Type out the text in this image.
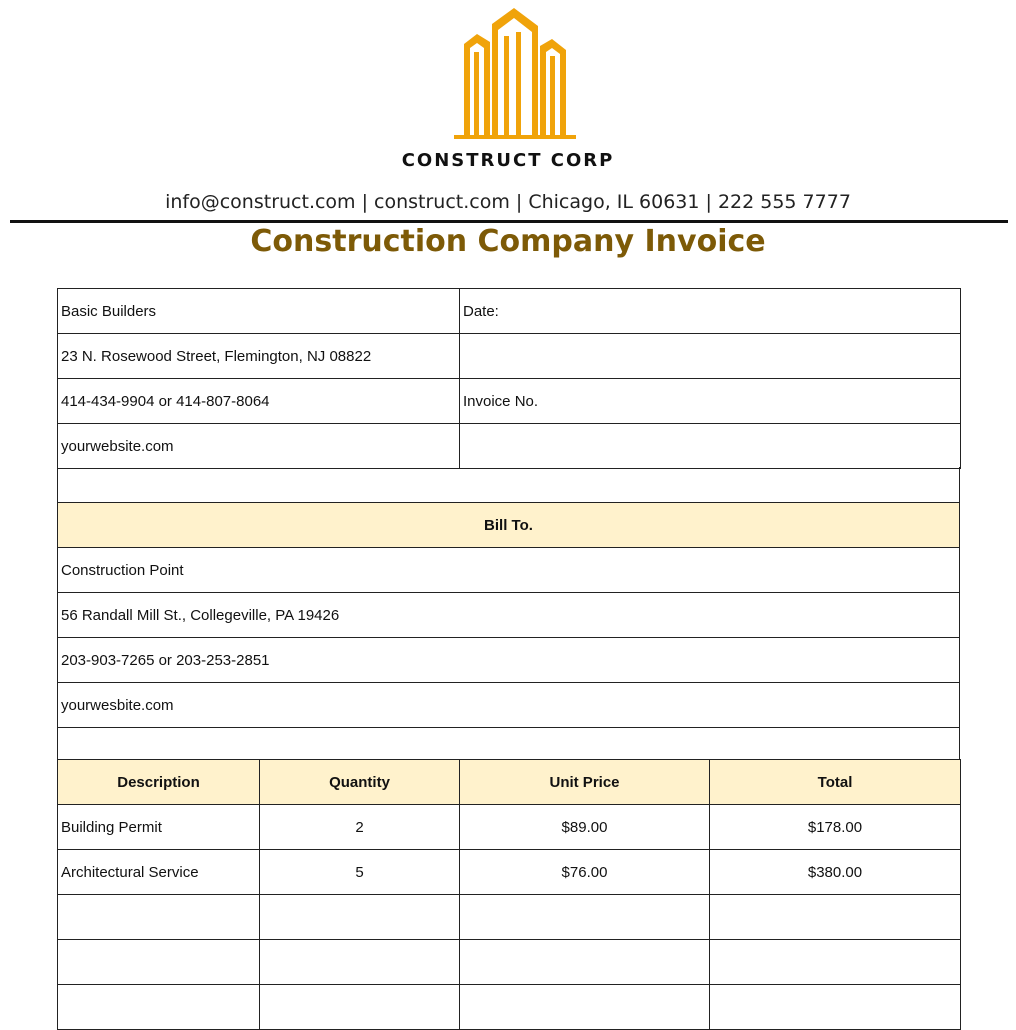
CONSTRUCT CORP
info@construct.com | construct.com | Chicago, IL 60631 | 222 555 7777
Construction Company Invoice
Basic Builders	Date:
23 N. Rosewood Street, Flemington, NJ 08822	
414-434-9904 or 414-807-8064	Invoice No.
yourwebsite.com	
Bill To.
Construction Point
56 Randall Mill St., Collegeville, PA 19426
203-903-7265 or 203-253-2851
yourwesbite.com
Description	Quantity	Unit Price	Total
Building Permit	2	$89.00	$178.00
Architectural Service	5	$76.00	$380.00
